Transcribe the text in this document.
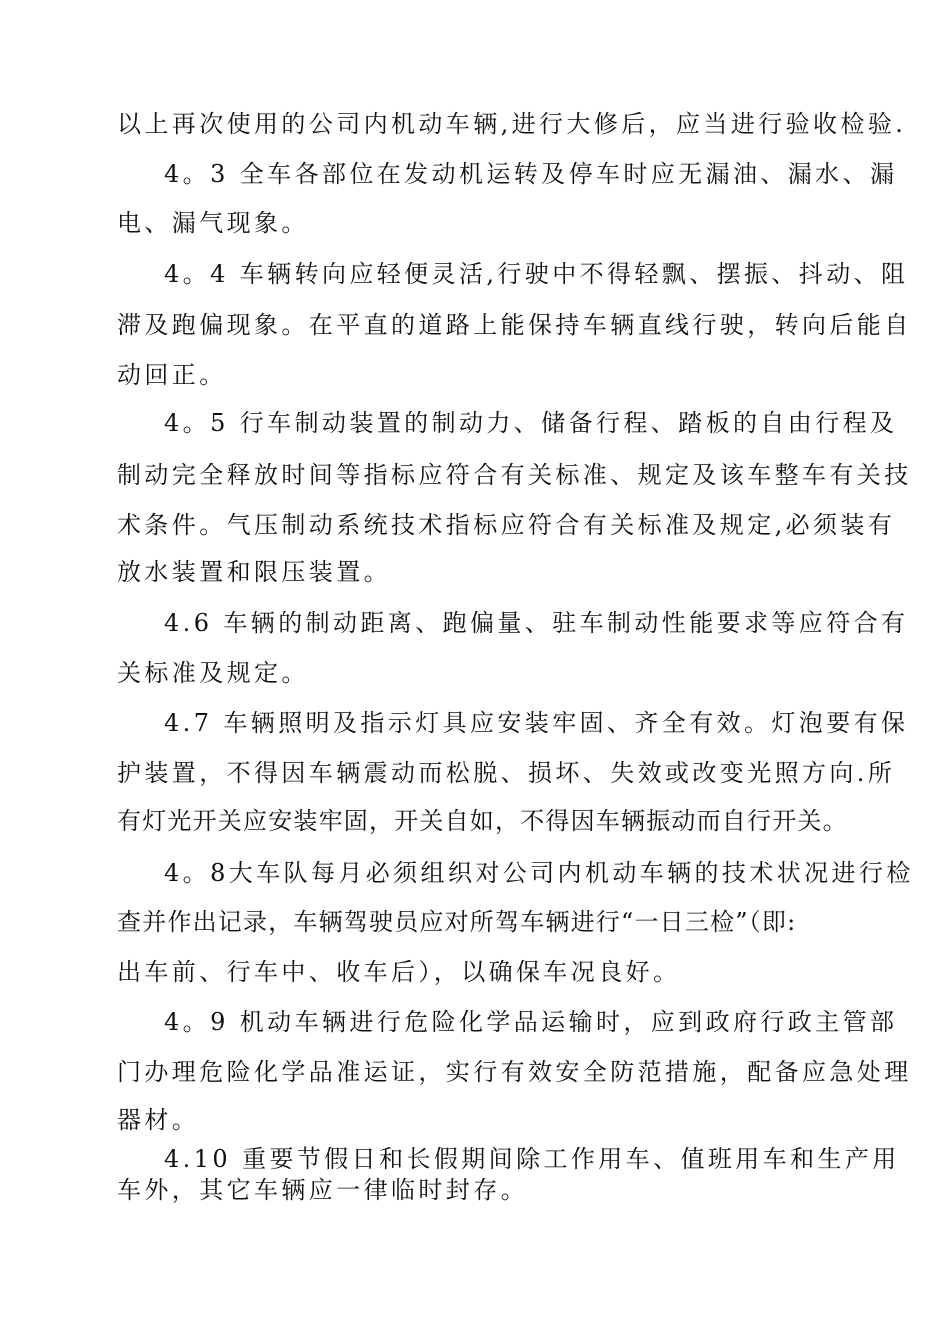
以上再次使用的公司内机动车辆,进行大修后，应当进行验收检验.
4。3 全车各部位在发动机运转及停车时应无漏油、漏水、漏
电、漏气现象。
4。4 车辆转向应轻便灵活,行驶中不得轻飘、摆振、抖动、阻
滞及跑偏现象。在平直的道路上能保持车辆直线行驶，转向后能自
动回正。
4。5 行车制动装置的制动力、储备行程、踏板的自由行程及
制动完全释放时间等指标应符合有关标准、规定及该车整车有关技
术条件。气压制动系统技术指标应符合有关标准及规定,必须装有
放水装置和限压装置。
4.6 车辆的制动距离、跑偏量、驻车制动性能要求等应符合有
关标准及规定。
4.7 车辆照明及指示灯具应安装牢固、齐全有效。灯泡要有保
护装置，不得因车辆震动而松脱、损坏、失效或改变光照方向.所
有灯光开关应安装牢固，开关自如，不得因车辆振动而自行开关。
4。8大车队每月必须组织对公司内机动车辆的技术状况进行检
查并作出记录，车辆驾驶员应对所驾车辆进行“一日三检”（即:
出车前、行车中、收车后），以确保车况良好。
4。9 机动车辆进行危险化学品运输时，应到政府行政主管部
门办理危险化学品准运证，实行有效安全防范措施，配备应急处理
器材。
4.10 重要节假日和长假期间除工作用车、值班用车和生产用
车外，其它车辆应一律临时封存。
